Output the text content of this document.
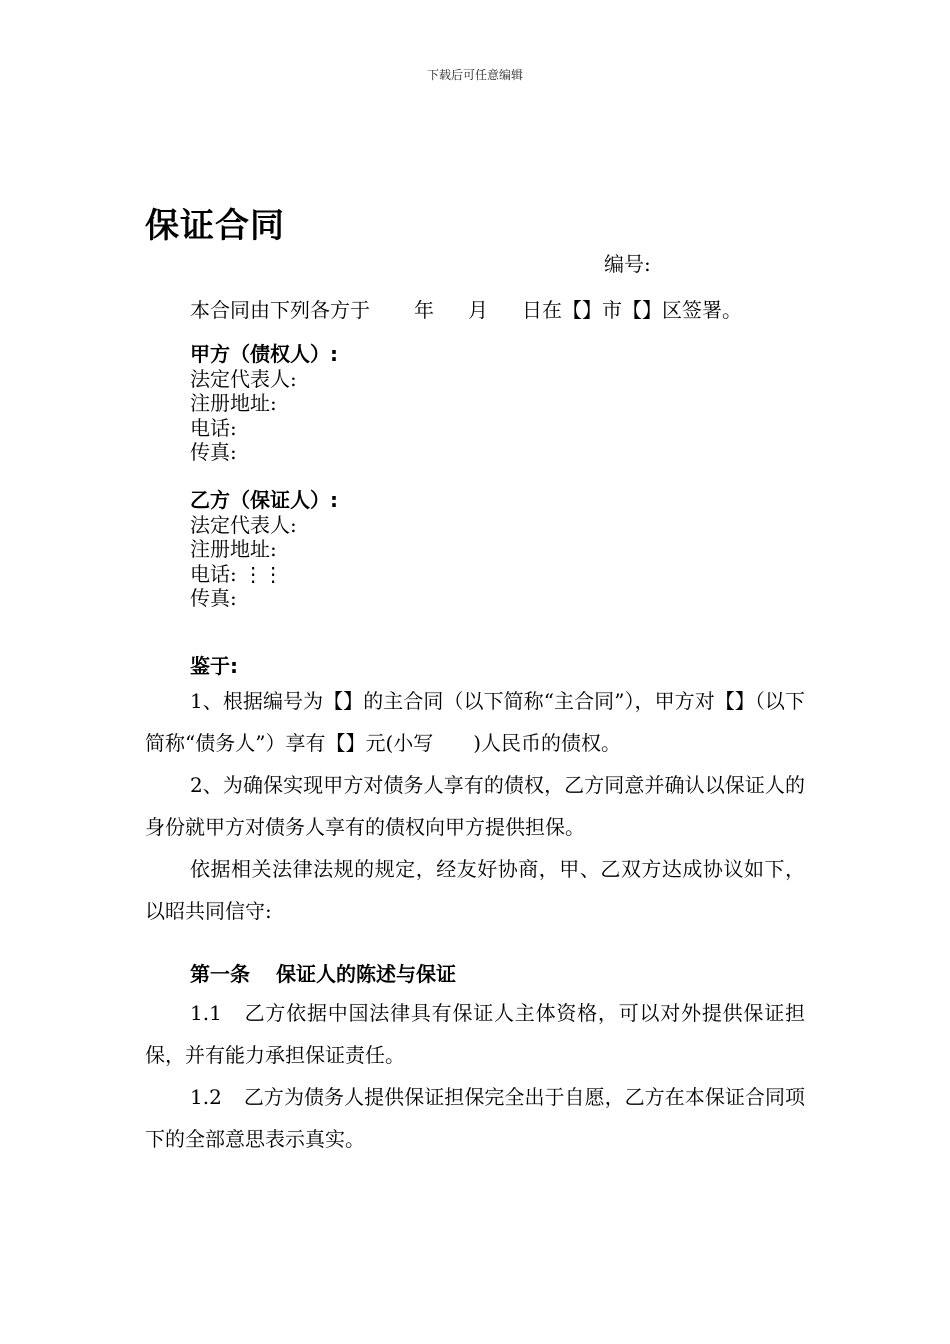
下载后可任意编辑
保证合同
编号:
本合同由下列各方于 年 月 日在【】市【】区签署。
甲方（债权人）:
法定代表人:
注册地址:
电话:
传真:
乙方（保证人）:
法定代表人:
注册地址:
电话: ⋮⋮
传真:
鉴于:
1、根据编号为【】的主合同（以下简称“主合同”），甲方对【】（以下简称“债务人”）享有【】元(小写　　)人民币的债权。
2、为确保实现甲方对债务人享有的债权，乙方同意并确认以保证人的身份就甲方对债务人享有的债权向甲方提供担保。
依据相关法律法规的规定，经友好协商，甲、乙双方达成协议如下，以昭共同信守:
第一条 保证人的陈述与保证
1.1 乙方依据中国法律具有保证人主体资格，可以对外提供保证担保，并有能力承担保证责任。
1.2 乙方为债务人提供保证担保完全出于自愿，乙方在本保证合同项下的全部意思表示真实。
